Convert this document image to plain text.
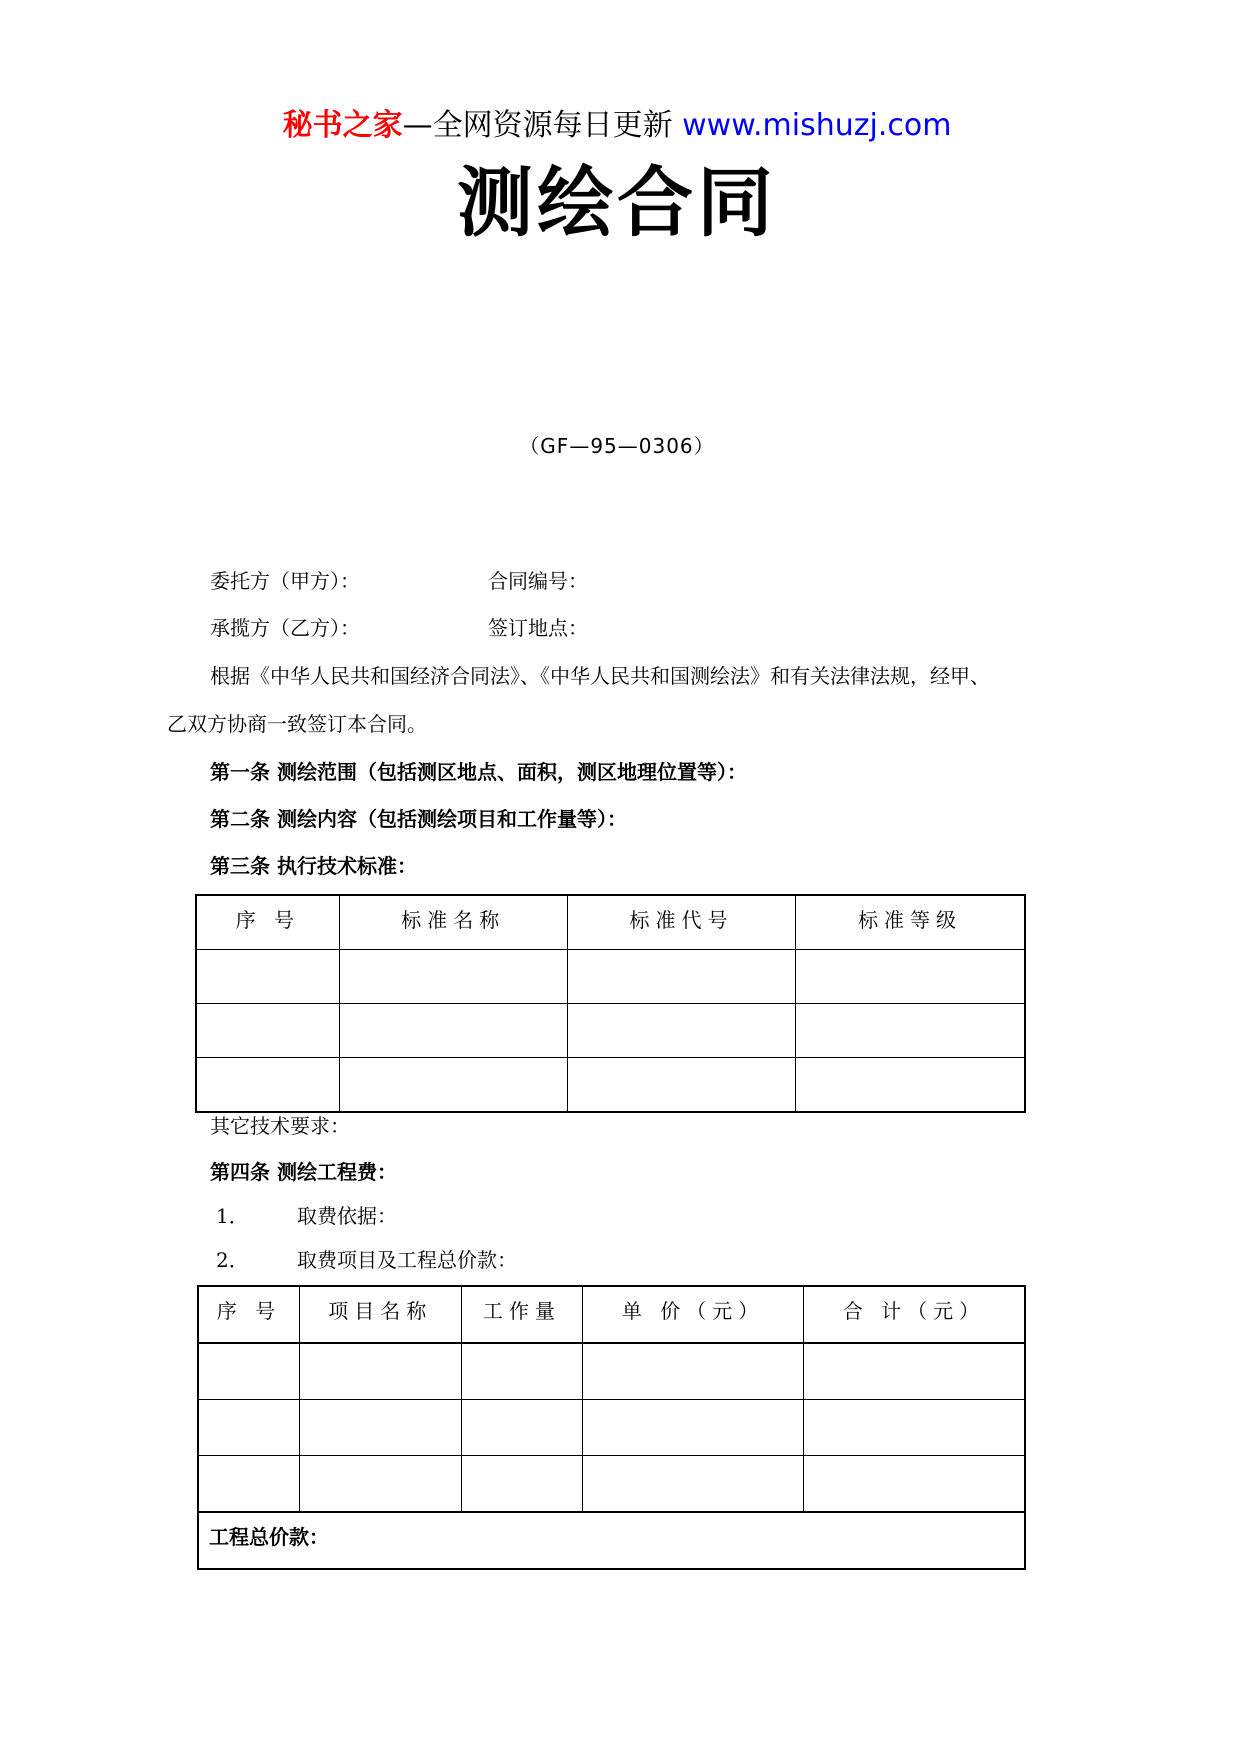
秘书之家—全网资源每日更新 www.mishuzj.com
测绘合同
（GF—95—0306）
委托方（甲方）：	合同编号：
承揽方（乙方）：	签订地点：
根据《中华人民共和国经济合同法》、《中华人民共和国测绘法》和有关法律法规，经甲、
乙双方协商一致签订本合同。
第一条 测绘范围（包括测区地点、面积，测区地理位置等）：
第二条 测绘内容（包括测绘项目和工作量等）：
第三条 执行技术标准：
序 号	标准名称	标准代号	标准等级

其它技术要求：
第四条 测绘工程费：
1． 取费依据：
2． 取费项目及工程总价款：
序 号	项目名称	工作量	单 价（元）	合 计（元）

工程总价款：				
